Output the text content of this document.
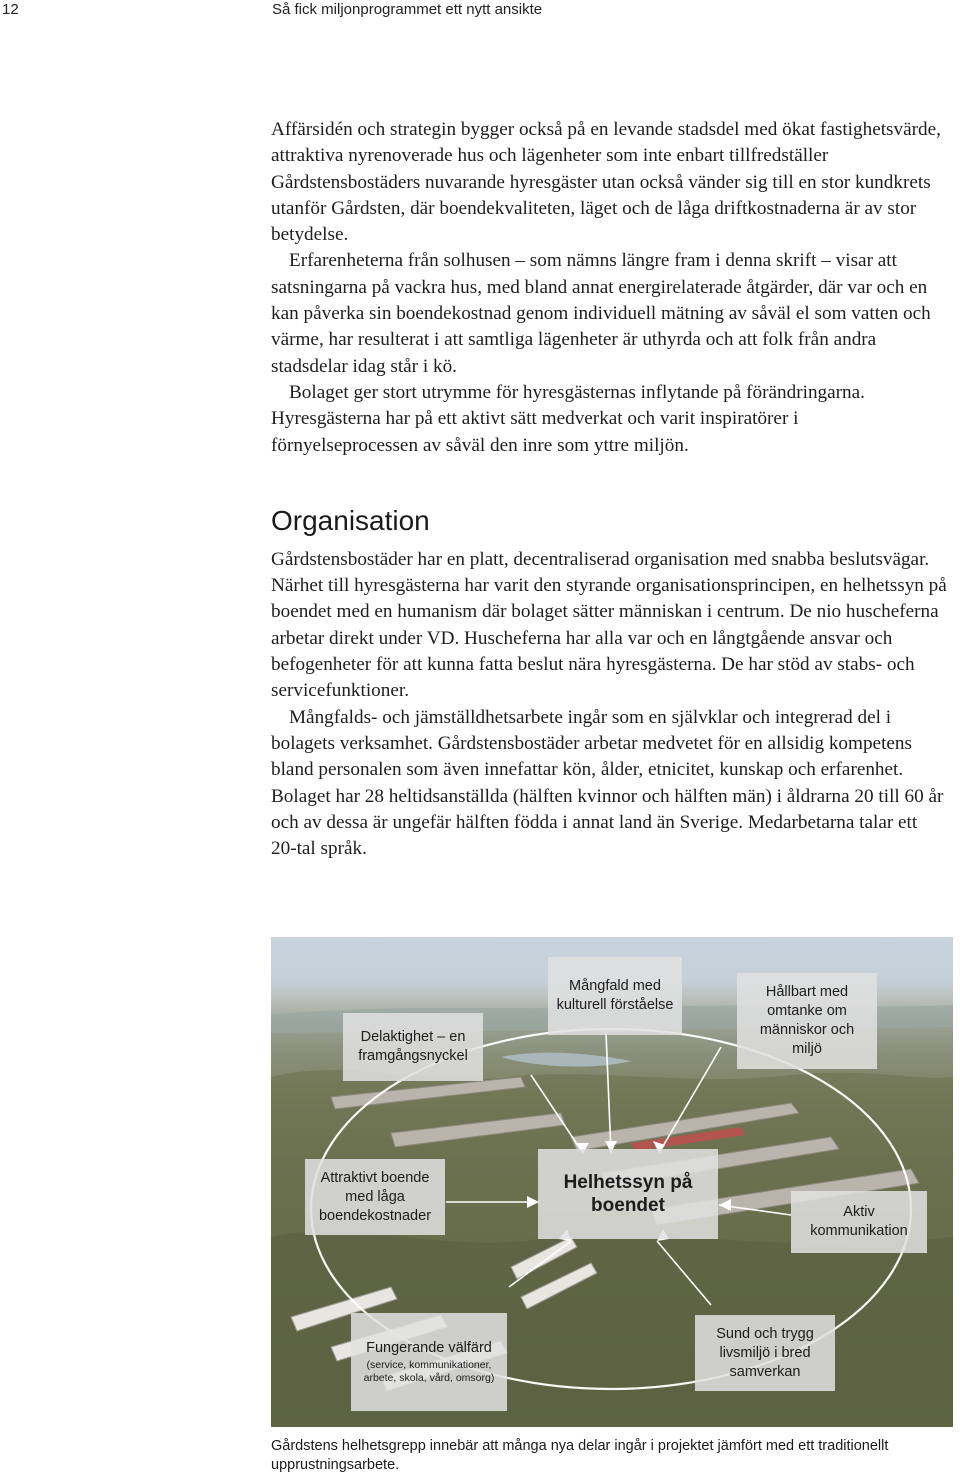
12	Så fick miljonprogrammet ett nytt ansikte

Affärsidén och strategin bygger också på en levande stadsdel med ökat fastighetsvärde, attraktiva nyrenoverade hus och lägenheter som inte enbart tillfredställer Gårdstensbostäders nuvarande hyresgäster utan också vänder sig till en stor kundkrets utanför Gårdsten, där boendekvaliteten, läget och de låga driftkostnaderna är av stor betydelse.

Erfarenheterna från solhusen – som nämns längre fram i denna skrift – visar att satsningarna på vackra hus, med bland annat energirelaterade åtgärder, där var och en kan påverka sin boendekostnad genom individuell mätning av såväl el som vatten och värme, har resulterat i att samtliga lägenheter är uthyrda och att folk från andra stadsdelar idag står i kö.

Bolaget ger stort utrymme för hyresgästernas inflytande på förändringarna. Hyresgästerna har på ett aktivt sätt medverkat och varit inspiratörer i förnyelseprocessen av såväl den inre som yttre miljön.

Organisation

Gårdstensbostäder har en platt, decentraliserad organisation med snabba beslutsvägar. Närhet till hyresgästerna har varit den styrande organisationsprincipen, en helhetssyn på boendet med en humanism där bolaget sätter människan i centrum. De nio huscheferna arbetar direkt under VD. Huscheferna har alla var och en långtgående ansvar och befogenheter för att kunna fatta beslut nära hyresgästerna. De har stöd av stabs- och servicefunktioner.

Mångfalds- och jämställdhetsarbete ingår som en självklar och integrerad del i bolagets verksamhet. Gårdstensbostäder arbetar medvetet för en allsidig kompetens bland personalen som även innefattar kön, ålder, etnicitet, kunskap och erfarenhet. Bolaget har 28 heltidsanställda (hälften kvinnor och hälften män) i åldrarna 20 till 60 år och av dessa är ungefär hälften födda i annat land än Sverige. Medarbetarna talar ett 20-tal språk.

Delaktighet – en framgångsnyckel
Mångfald med kulturell förståelse
Hållbart med omtanke om människor och miljö
Attraktivt boende med låga boendekostnader
Helhetssyn på boendet	Aktiv kommunikation
Fungerande välfärd
(service, kommunikationer, arbete, skola, vård, omsorg)
Sund och trygg livsmiljö i bred samverkan
Gårdstens helhetsgrepp innebär att många nya delar ingår i projektet jämfört med ett traditionellt upprustningsarbete.
